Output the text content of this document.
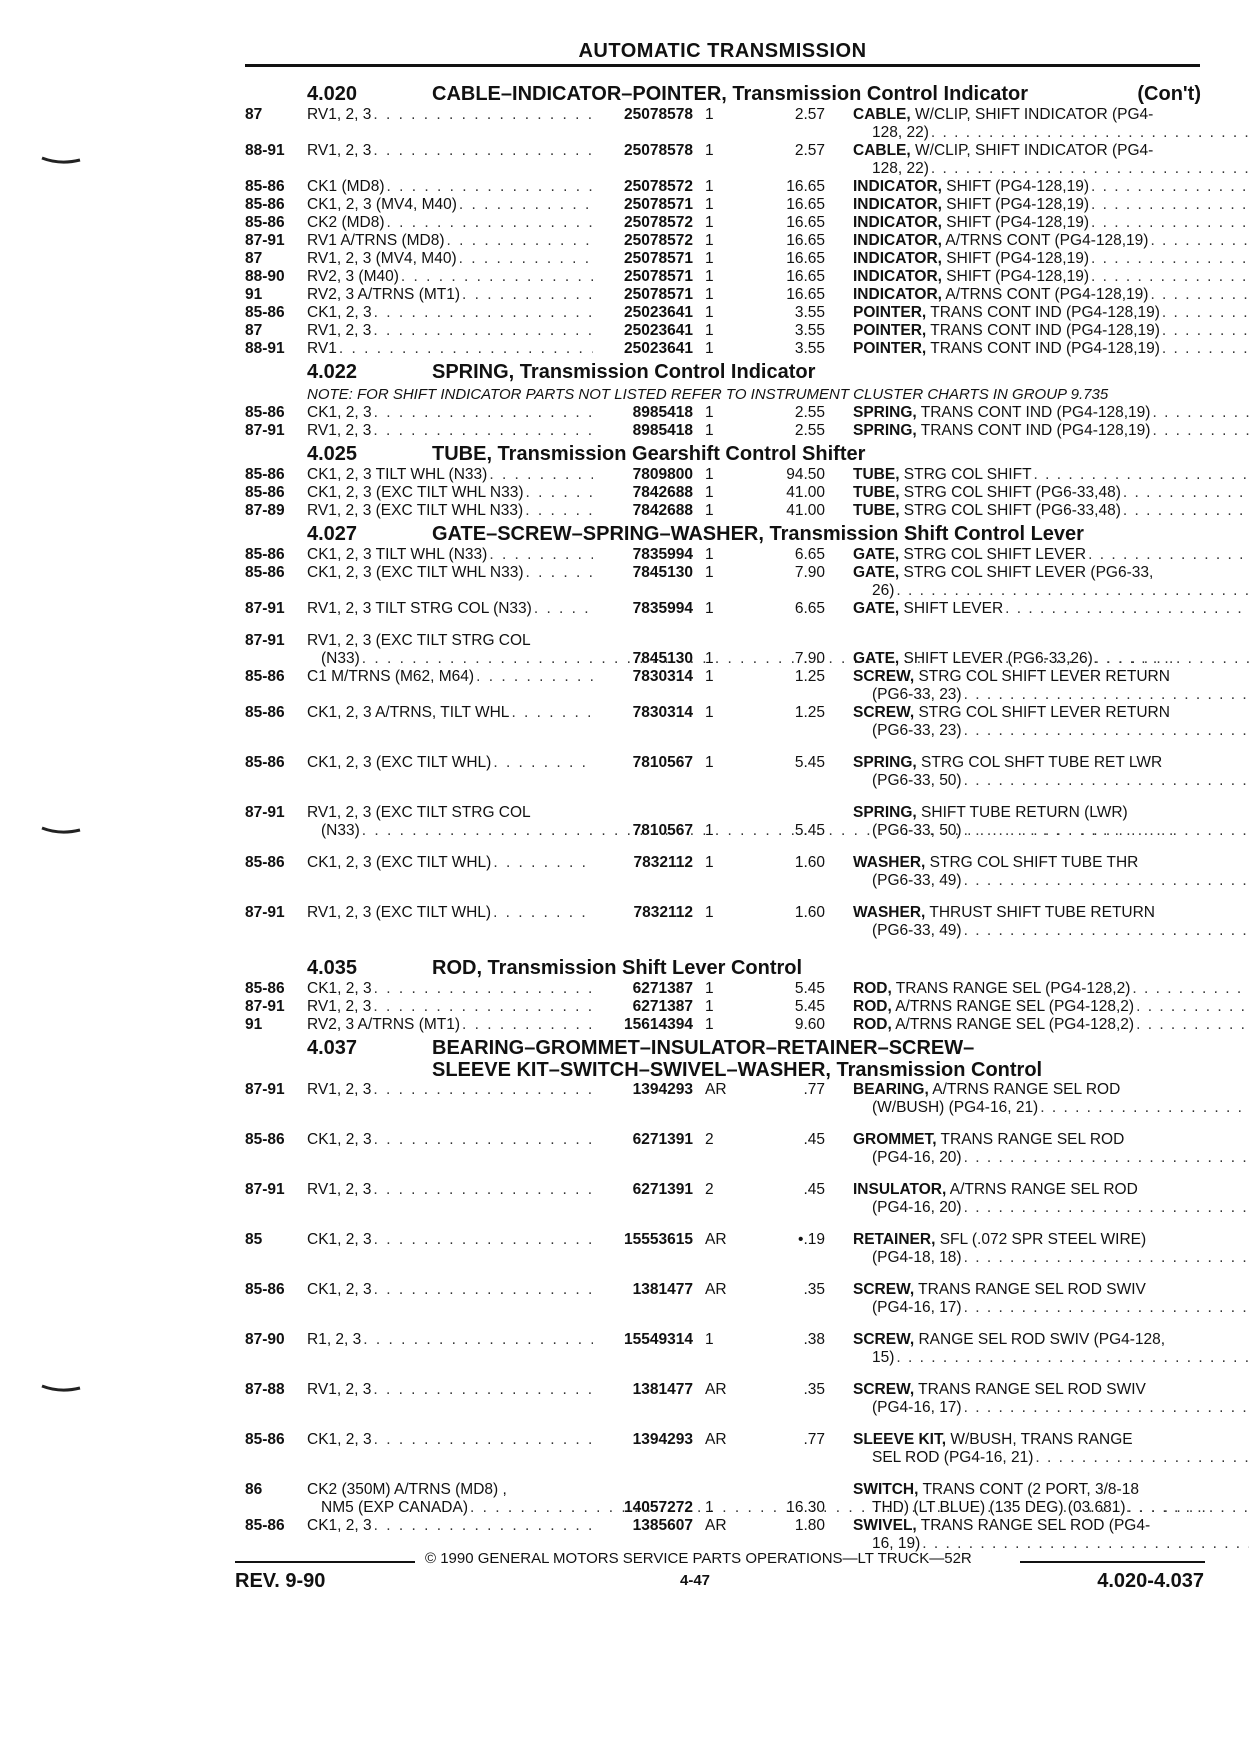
AUTOMATIC TRANSMISSION
4.020	CABLE–INDICATOR–POINTER, Transmission Control Indicator	(Con't)
87	RV1, 2, 3 . . .	25078578 1	2.57 CABLE, W/CLIP, SHIFT INDICATOR (PG4-
128, 22)
. . .
88-91	RV1, 2, 3 . . .	25078578 1	2.57 CABLE, W/CLIP, SHIFT INDICATOR (PG4-
128, 22)
. . .
85-86	CK1 (MD8) . . .	25078572 1	16.65 INDICATOR, SHIFT (PG4-128,19)
. . .
85-86	CK1, 2, 3 (MV4, M40) . . .	25078571 1	16.65 INDICATOR, SHIFT (PG4-128,19)
. . .
85-86	CK2 (MD8) . . .	25078572 1	16.65 INDICATOR, SHIFT (PG4-128,19)
. . .
87-91	RV1 A/TRNS (MD8) . . .	25078572 1	16.65 INDICATOR, A/TRNS CONT (PG4-128,19)
. . .
87	RV1, 2, 3 (MV4, M40) . . .	25078571 1	16.65 INDICATOR, SHIFT (PG4-128,19)
. . .
88-90	RV2, 3 (M40) . . .	25078571 1	16.65 INDICATOR, SHIFT (PG4-128,19)
. . .
91	RV2, 3 A/TRNS (MT1) . . .	25078571 1	16.65 INDICATOR, A/TRNS CONT (PG4-128,19)
. . .
85-86	CK1, 2, 3 . . .	25023641 1	3.55 POINTER, TRANS CONT IND (PG4-128,19)
. . .
87	RV1, 2, 3 . . .	25023641 1	3.55 POINTER, TRANS CONT IND (PG4-128,19)
. . .
88-91	RV1 . . .	25023641 1	3.55 POINTER, TRANS CONT IND (PG4-128,19)
. . .
4.022	SPRING, Transmission Control Indicator
NOTE: FOR SHIFT INDICATOR PARTS NOT LISTED REFER TO INSTRUMENT CLUSTER CHARTS IN GROUP 9.735
85-86	CK1, 2, 3 . . .	8985418 1	2.55 SPRING, TRANS CONT IND (PG4-128,19)
. . .
87-91	RV1, 2, 3 . . .	8985418 1	2.55 SPRING, TRANS CONT IND (PG4-128,19)
. . .
4.025	TUBE, Transmission Gearshift Control Shifter
85-86	CK1, 2, 3 TILT WHL (N33) . . .	7809800 1	94.50 TUBE, STRG COL SHIFT
. . .
85-86	CK1, 2, 3 (EXC TILT WHL N33) . . .	7842688 1	41.00 TUBE, STRG COL SHIFT (PG6-33,48)
. . .
87-89	RV1, 2, 3 (EXC TILT WHL N33) . . .	7842688 1	41.00 TUBE, STRG COL SHIFT (PG6-33,48)
. . .
4.027	GATE–SCREW–SPRING–WASHER, Transmission Shift Control Lever
85-86	CK1, 2, 3 TILT WHL (N33) . . .	7835994 1	6.65 GATE, STRG COL SHIFT LEVER
. . .
85-86	CK1, 2, 3 (EXC TILT WHL N33) . . .	7845130 1	7.90 GATE, STRG COL SHIFT LEVER (PG6-33,
26)
. . .
87-91	RV1, 2, 3 TILT STRG COL (N33) . . .	7835994 1	6.65 GATE, SHIFT LEVER
. . .
87-91	RV1, 2, 3 (EXC TILT STRG COL
(N33) . . .	7845130 1	7.90 GATE, SHIFT LEVER (PG6-33,26)
. . .
85-86	C1 M/TRNS (M62, M64) . . .	7830314 1	1.25 SCREW, STRG COL SHIFT LEVER RETURN
(PG6-33, 23)
. . .
85-86	CK1, 2, 3 A/TRNS, TILT WHL . . .	7830314 1	1.25 SCREW, STRG COL SHIFT LEVER RETURN
(PG6-33, 23)
. . .
85-86	CK1, 2, 3 (EXC TILT WHL) . . .	7810567 1	5.45 SPRING, STRG COL SHFT TUBE RET LWR
(PG6-33, 50)
. . .
87-91	RV1, 2, 3 (EXC TILT STRG COL
(N33) . . .	7810567 1	5.45
SPRING, SHIFT TUBE RETURN (LWR)
(PG6-33, 50)
. . .
85-86	CK1, 2, 3 (EXC TILT WHL) . . .	7832112 1	1.60 WASHER, STRG COL SHIFT TUBE THR
(PG6-33, 49)
. . .
87-91	RV1, 2, 3 (EXC TILT WHL) . . .	7832112 1	1.60 WASHER, THRUST SHIFT TUBE RETURN
(PG6-33, 49)
. . .
4.035	ROD, Transmission Shift Lever Control
85-86	CK1, 2, 3 . . .	6271387 1	5.45 ROD, TRANS RANGE SEL (PG4-128,2)
. . .
87-91	RV1, 2, 3 . . .	6271387 1	5.45 ROD, A/TRNS RANGE SEL (PG4-128,2)
. . .
91	RV2, 3 A/TRNS (MT1) . . .	15614394 1	9.60 ROD, A/TRNS RANGE SEL (PG4-128,2)
. . .
4.037	BEARING–GROMMET–INSULATOR–RETAINER–SCREW–
SLEEVE KIT–SWITCH–SWIVEL–WASHER, Transmission Control
87-91	RV1, 2, 3 . . .	1394293 AR	.77 BEARING, A/TRNS RANGE SEL ROD
(W/BUSH) (PG4-16, 21)
. . .
85-86	CK1, 2, 3 . . .	6271391 2	.45 GROMMET, TRANS RANGE SEL ROD
(PG4-16, 20)
. . .
87-91	RV1, 2, 3 . . .	6271391 2	.45 INSULATOR, A/TRNS RANGE SEL ROD
(PG4-16, 20)
. . .
85	CK1, 2, 3 . . .	15553615 AR	•.19 RETAINER, SFL (.072 SPR STEEL WIRE)
(PG4-18, 18)
. . .
85-86	CK1, 2, 3 . . .	1381477 AR	.35 SCREW, TRANS RANGE SEL ROD SWIV
(PG4-16, 17)
. . .
87-90	R1, 2, 3 . . .	15549314 1	.38 SCREW, RANGE SEL ROD SWIV (PG4-128,
15)
. . .
87-88	RV1, 2, 3 . . .	1381477 AR	.35 SCREW, TRANS RANGE SEL ROD SWIV
(PG4-16, 17)
. . .
85-86	CK1, 2, 3 . . .	1394293 AR	.77 SLEEVE KIT, W/BUSH, TRANS RANGE
SEL ROD (PG4-16, 21)
. . .
86	CK2 (350M) A/TRNS (MD8) ,
NM5 (EXP CANADA) . . .	14057272 1	16.30
SWITCH, TRANS CONT (2 PORT, 3/8-18
THD) (LT BLUE) (135 DEG) (03.681)
. . .
85-86	CK1, 2, 3 . . .	1385607 AR	1.80 SWIVEL, TRANS RANGE SEL ROD (PG4-
16, 19)
. . .
© 1990 GENERAL MOTORS SERVICE PARTS OPERATIONS—LT TRUCK—52R
REV. 9-90	4-47	4.020-4.037
